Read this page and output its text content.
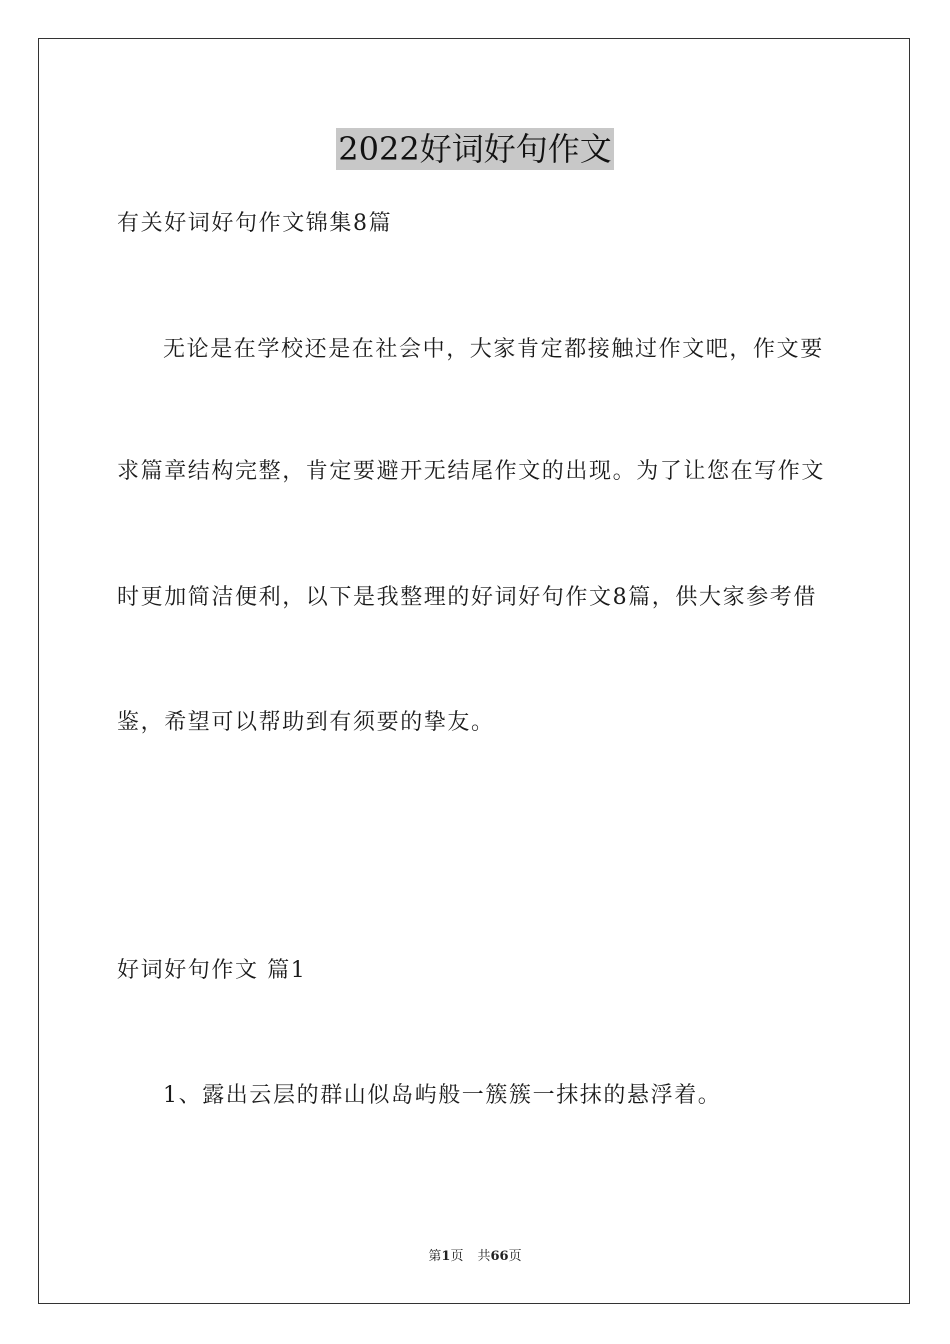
2022好词好句作文
有关好词好句作文锦集8篇
无论是在学校还是在社会中，大家肯定都接触过作文吧，作文要
求篇章结构完整，肯定要避开无结尾作文的出现。为了让您在写作文
时更加简洁便利，以下是我整理的好词好句作文8篇，供大家参考借
鉴，希望可以帮助到有须要的挚友。
好词好句作文 篇1
1、露出云层的群山似岛屿般一簇簇一抹抹的悬浮着。
第1页 共66页
